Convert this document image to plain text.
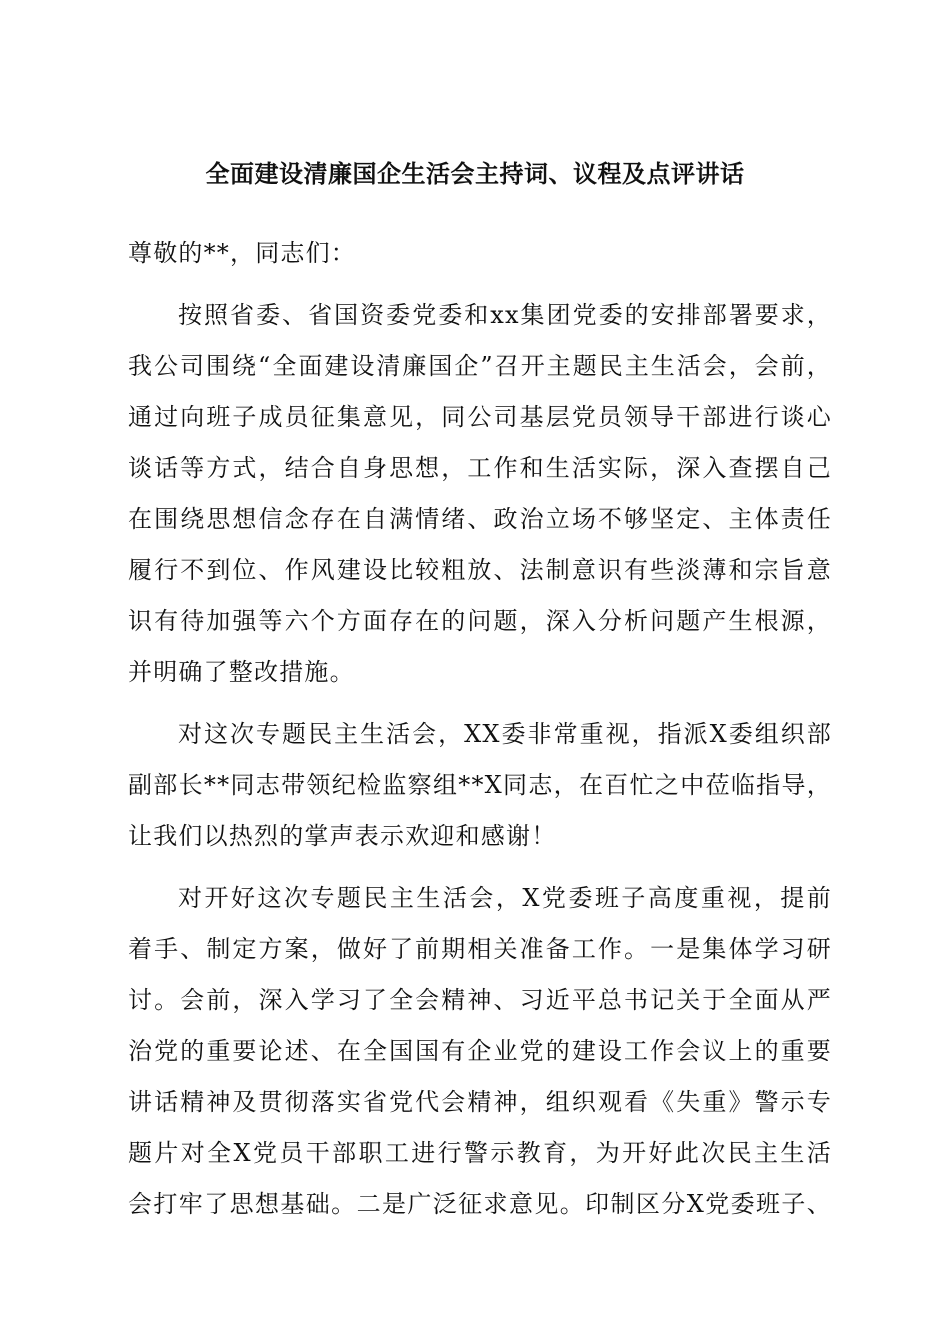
全面建设清廉国企生活会主持词、议程及点评讲话
尊敬的**，同志们：
按照省委、省国资委党委和xx集团党委的安排部署要求，
我公司围绕“全面建设清廉国企”召开主题民主生活会，会前，
通过向班子成员征集意见，同公司基层党员领导干部进行谈心
谈话等方式，结合自身思想，工作和生活实际，深入查摆自己
在围绕思想信念存在自满情绪、政治立场不够坚定、主体责任
履行不到位、作风建设比较粗放、法制意识有些淡薄和宗旨意
识有待加强等六个方面存在的问题，深入分析问题产生根源，
并明确了整改措施。
对这次专题民主生活会，XX委非常重视，指派X委组织部
副部长**同志带领纪检监察组**X同志，在百忙之中莅临指导，
让我们以热烈的掌声表示欢迎和感谢！
对开好这次专题民主生活会，X党委班子高度重视，提前
着手、制定方案，做好了前期相关准备工作。一是集体学习研
讨。会前，深入学习了全会精神、习近平总书记关于全面从严
治党的重要论述、在全国国有企业党的建设工作会议上的重要
讲话精神及贯彻落实省党代会精神，组织观看《失重》警示专
题片对全X党员干部职工进行警示教育，为开好此次民主生活
会打牢了思想基础。二是广泛征求意见。印制区分X党委班子、
